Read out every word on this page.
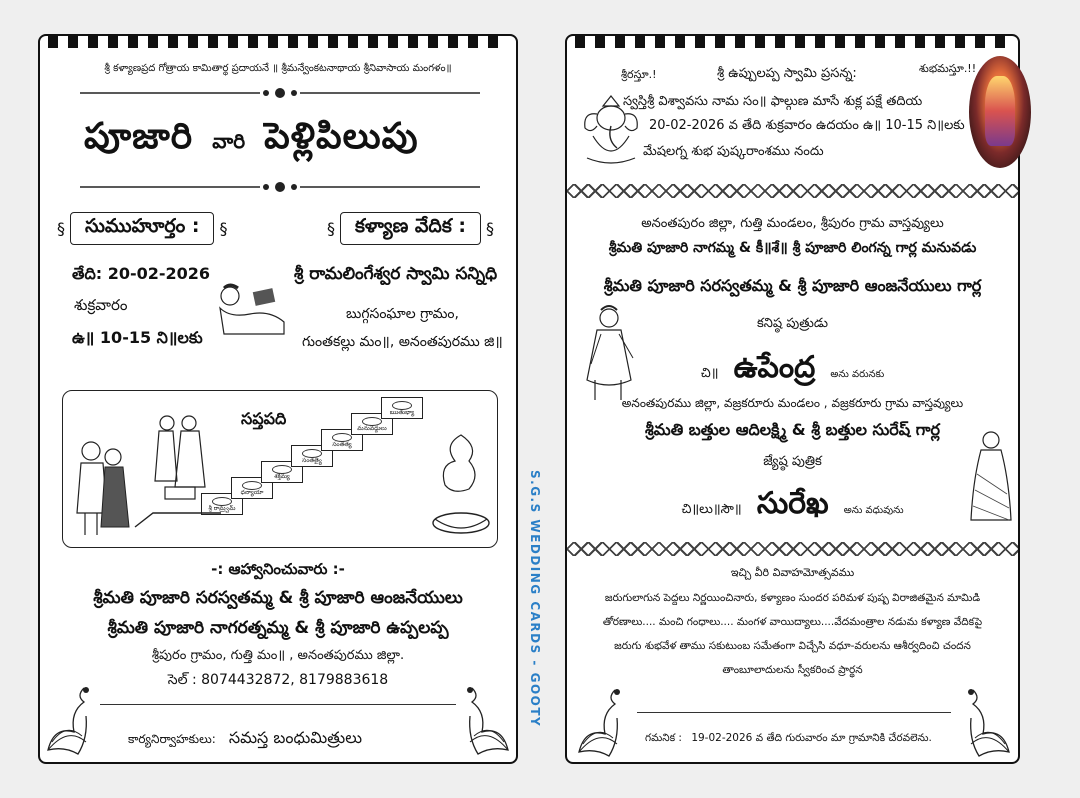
శ్రీ కళ్యాణప్రద గోత్రాయ కామితార్థ ప్రదాయనే ॥ శ్రీమన్వేంకటనాథాయ శ్రీనివాసాయ మంగళం॥
పూజారి వారి పెళ్లిపిలుపు
§ సుముహూర్తం : §
§	కళ్యాణ వేదిక : §
తేది: 20-02-2026
శుక్రవారం
ఉ॥ 10-15 ని॥లకు
శ్రీ రామలింగేశ్వర స్వామి సన్నిధి
బుగ్గసంఘాల గ్రామం,
గుంతకల్లు మం॥, అనంతపురము జి॥
సప్తపది
శ్రీ రామ్ర్వమ్
ధన్యాయా
శక్తిమ్య
సంతత్యై
సంతత్య
మనువద్దులు
ఋతుభ్యా
-: ఆహ్వానించువారు :-
శ్రీమతి పూజారి సరస్వతమ్మ & శ్రీ పూజారి ఆంజనేయులు
శ్రీమతి పూజారి నాగరత్నమ్మ & శ్రీ పూజారి ఉప్పలప్ప
శ్రీపురం గ్రామం, గుత్తి మం॥ , అనంతపురము జిల్లా.
సెల్ : 8074432872, 8179883618
కార్యనిర్వాహకులు: సమస్త బంధుమిత్రులు
S.G.S WEDDING CARDS - GOOTY
శ్రీరస్తూ.!	శ్రీ ఉప్పులప్ప స్వామి ప్రసన్న:	శుభమస్తూ.!!
స్వస్తిశ్రీ విశ్వావసు నామ సం॥ ఫాల్గుణ మాసే శుక్ల పక్షే తదియ
20-02-2026 వ తేది శుక్రవారం ఉదయం ఉ॥ 10-15 ని॥లకు
మేషలగ్న శుభ పుష్కరాంశము నందు
అనంతపురం జిల్లా, గుత్తి మండలం, శ్రీపురం గ్రామ వాస్తవ్యులు
శ్రీమతి పూజారి నాగమ్మ & కీ॥శే॥ శ్రీ పూజారి లింగన్న గార్ల మనువడు
శ్రీమతి పూజారి సరస్వతమ్మ & శ్రీ పూజారి ఆంజనేయులు గార్ల
కనిష్ఠ పుత్రుడు
చి॥ ఉపేంద్ర అను వరునకు
అనంతపురము జిల్లా, వజ్రకరూరు మండలం , వజ్రకరూరు గ్రామ వాస్తవ్యులు
శ్రీమతి బత్తుల ఆదిలక్ష్మి & శ్రీ బత్తుల సురేష్ గార్ల
జ్యేష్ఠ పుత్రిక
చి॥లు॥సౌ॥ సురేఖ అను వధువును
ఇచ్చి వీరి వివాహమోత్సవము
జరుగులాగున పెద్దలు నిర్ణయించినారు, కళ్యాణం సుందర పరిమళ పుష్ప విరాజితమైన మామిడి
తోరణాలు.... మంచి గంధాలు.... మంగళ వాయిద్యాలు....వేదమంత్రాల నడుమ కళ్యాణ వేదికపై
జరుగు శుభవేళ తాము సకుటుంబ సమేతంగా విచ్చేసి వధూ-వరులను ఆశీర్వదించి చందన
తాంబూలాదులను స్వీకరించ ప్రార్థన
గమనిక : 19-02-2026 వ తేది గురువారం మా గ్రామానికి చేరవలెను.
